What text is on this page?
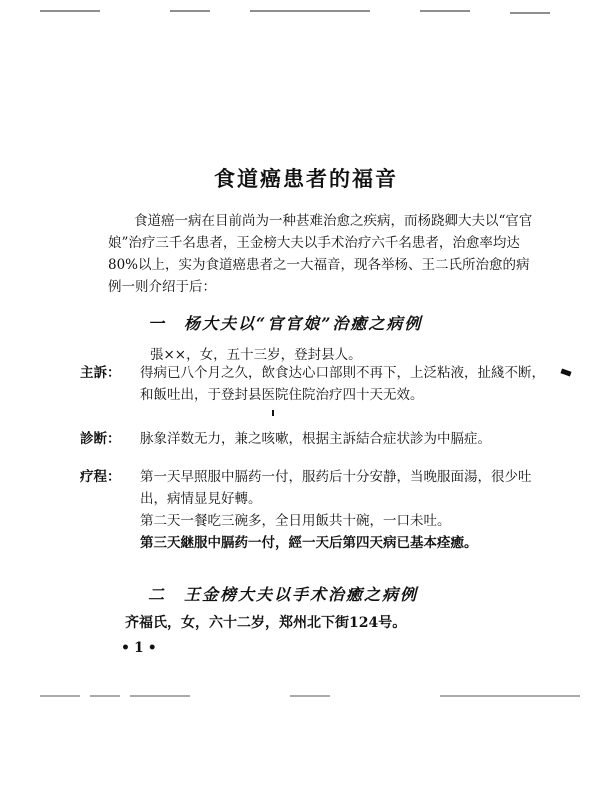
食道癌患者的福音

食道癌一病在目前尚为一种甚难治愈之疾病，而杨跷卿大夫以“官官娘”治疗三千名患者，王金榜大夫以手术治疗六千名患者，治愈率均达80%以上，实为食道癌患者之一大福音，现各举杨、王二氏所治愈的病例一则介绍于后：

一　杨大夫以“官官娘”治癒之病例
張××，女，五十三岁，登封县人。
主訴： 得病已八个月之久，飲食达心口部則不再下，上泛粘液，扯綫不断，和飯吐出，于登封县医院住院治疗四十天无效。
診断： 脉象洋数无力，兼之咳嗽，根据主訴結合症状診为中膈症。
疗程： 第一天早照服中膈药一付，服药后十分安静，当晚服面湯，很少吐出，病情显見好轉。
第二天一餐吃三碗多，全日用飯共十碗，一口未吐。
第三天継服中膈药一付，經一天后第四天病已基本痊癒。
二　王金榜大夫以手术治癒之病例
齐福氏，女，六十二岁，郑州北下街124号。
•1•
